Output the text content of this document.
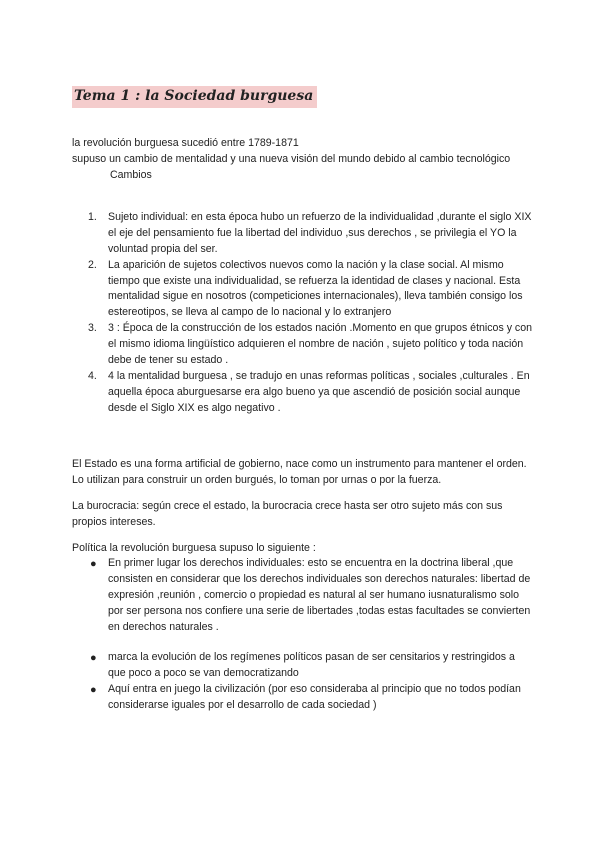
Tema 1 : la Sociedad burguesa

la revolución burguesa sucedió entre 1789-1871

supuso un cambio de mentalidad y una nueva visión del mundo debido al cambio tecnológico

Cambios

1. Sujeto individual: en esta época hubo un refuerzo de la individualidad ,durante el siglo XIX el eje del pensamiento fue la libertad del individuo ,sus derechos , se privilegia el YO la voluntad propia del ser.
2. La aparición de sujetos colectivos nuevos como la nación y la clase social. Al mismo tiempo que existe una individualidad, se refuerza la identidad de clases y nacional. Esta mentalidad sigue en nosotros (competiciones internacionales), lleva también consigo los estereotipos, se lleva al campo de lo nacional y lo extranjero
3. 3 : Época de la construcción de los estados nación .Momento en que grupos étnicos y con el mismo idioma lingüístico adquieren el nombre de nación , sujeto político y toda nación debe de tener su estado .
4. 4 la mentalidad burguesa , se tradujo en unas reformas políticas , sociales ,culturales . En aquella época aburguesarse era algo bueno ya que ascendió de posición social aunque desde el Siglo XIX es algo negativo .

El Estado es una forma artificial de gobierno, nace como un instrumento para mantener el orden. Lo utilizan para construir un orden burgués, lo toman por urnas o por la fuerza.

La burocracia: según crece el estado, la burocracia crece hasta ser otro sujeto más con sus propios intereses.

Política la revolución burguesa supuso lo siguiente :

● En primer lugar los derechos individuales: esto se encuentra en la doctrina liberal ,que consisten en considerar que los derechos individuales son derechos naturales: libertad de expresión ,reunión , comercio o propiedad es natural al ser humano iusnaturalismo solo por ser persona nos confiere una serie de libertades ,todas estas facultades se convierten en derechos naturales .
● marca la evolución de los regímenes políticos pasan de ser censitarios y restringidos a que poco a poco se van democratizando
● Aquí entra en juego la civilización (por eso consideraba al principio que no todos podían considerarse iguales por el desarrollo de cada sociedad )
